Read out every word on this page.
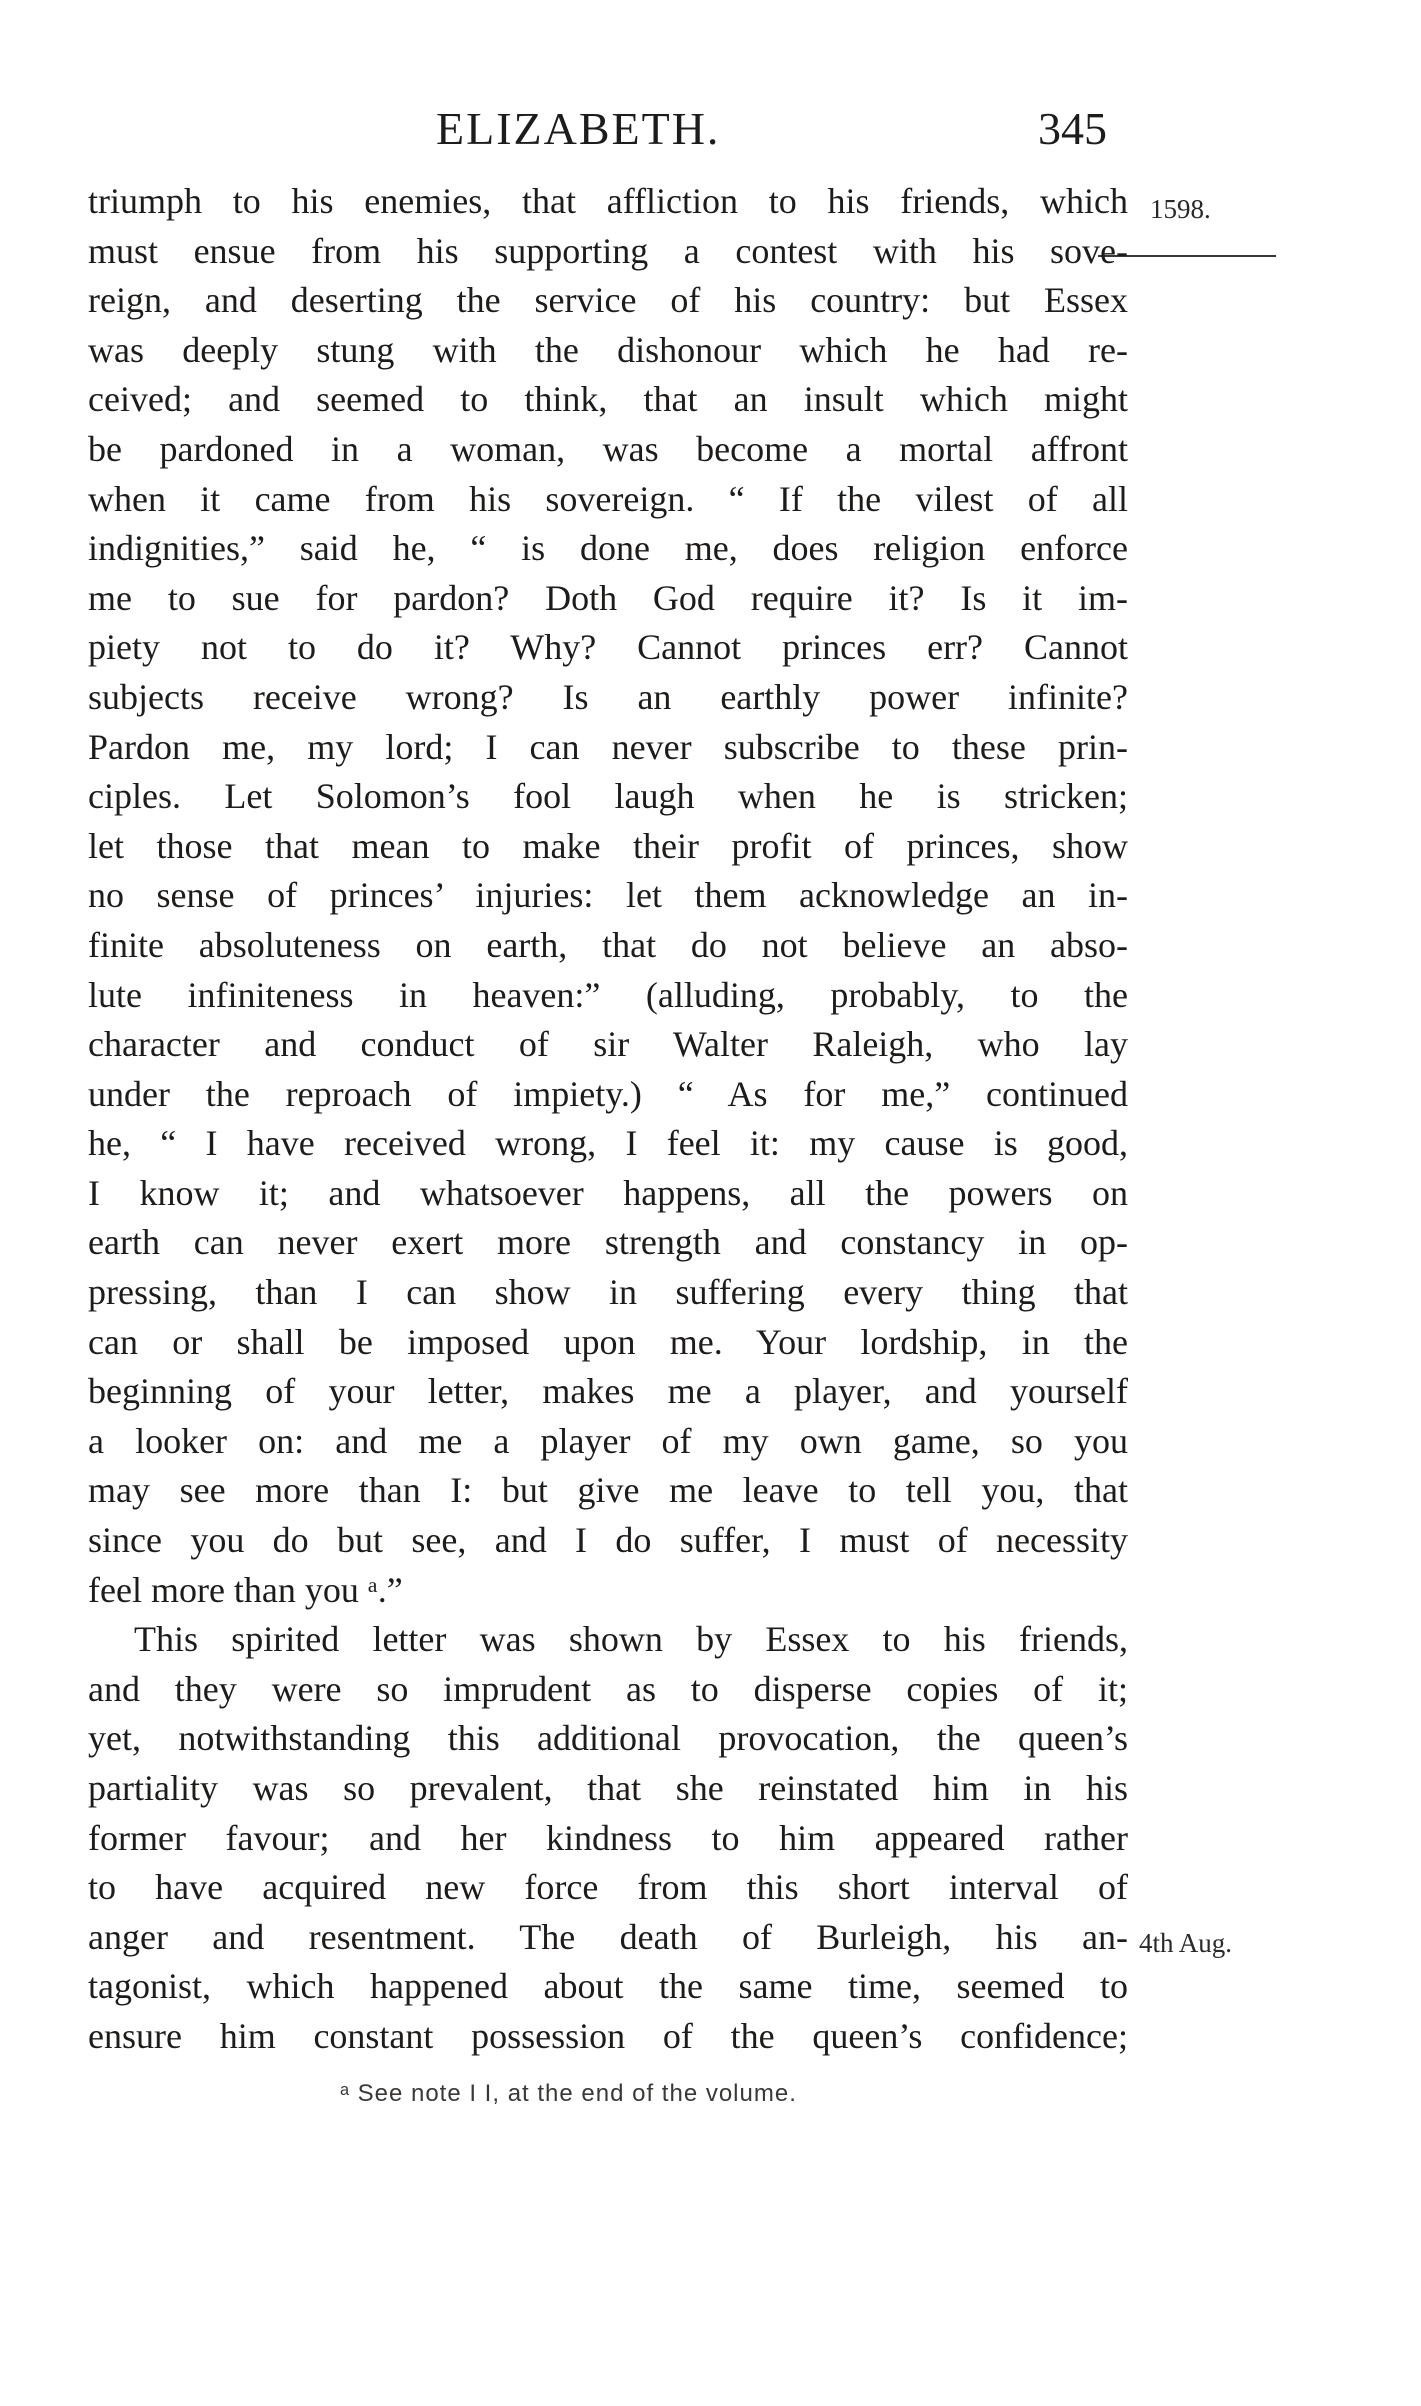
ELIZABETH.	345
1598.
4th Aug.
triumph to his enemies, that affliction to his friends, which
must ensue from his supporting a contest with his sove-
reign, and deserting the service of his country: but Essex
was deeply stung with the dishonour which he had re-
ceived; and seemed to think, that an insult which might
be pardoned in a woman, was become a mortal affront
when it came from his sovereign. “ If the vilest of all
indignities,” said he, “ is done me, does religion enforce
me to sue for pardon? Doth God require it? Is it im-
piety not to do it? Why? Cannot princes err? Cannot
subjects receive wrong? Is an earthly power infinite?
Pardon me, my lord; I can never subscribe to these prin-
ciples. Let Solomon’s fool laugh when he is stricken;
let those that mean to make their profit of princes, show
no sense of princes’ injuries: let them acknowledge an in-
finite absoluteness on earth, that do not believe an abso-
lute infiniteness in heaven:” (alluding, probably, to the
character and conduct of sir Walter Raleigh, who lay
under the reproach of impiety.) “ As for me,” continued
he, “ I have received wrong, I feel it: my cause is good,
I know it; and whatsoever happens, all the powers on
earth can never exert more strength and constancy in op-
pressing, than I can show in suffering every thing that
can or shall be imposed upon me. Your lordship, in the
beginning of your letter, makes me a player, and yourself
a looker on: and me a player of my own game, so you
may see more than I: but give me leave to tell you, that
since you do but see, and I do suffer, I must of necessity
feel more than you ᵃ.”
This spirited letter was shown by Essex to his friends,
and they were so imprudent as to disperse copies of it;
yet, notwithstanding this additional provocation, the queen’s
partiality was so prevalent, that she reinstated him in his
former favour; and her kindness to him appeared rather
to have acquired new force from this short interval of
anger and resentment. The death of Burleigh, his an-
tagonist, which happened about the same time, seemed to
ensure him constant possession of the queen’s confidence;
ᵃ See note I I, at the end of the volume.
